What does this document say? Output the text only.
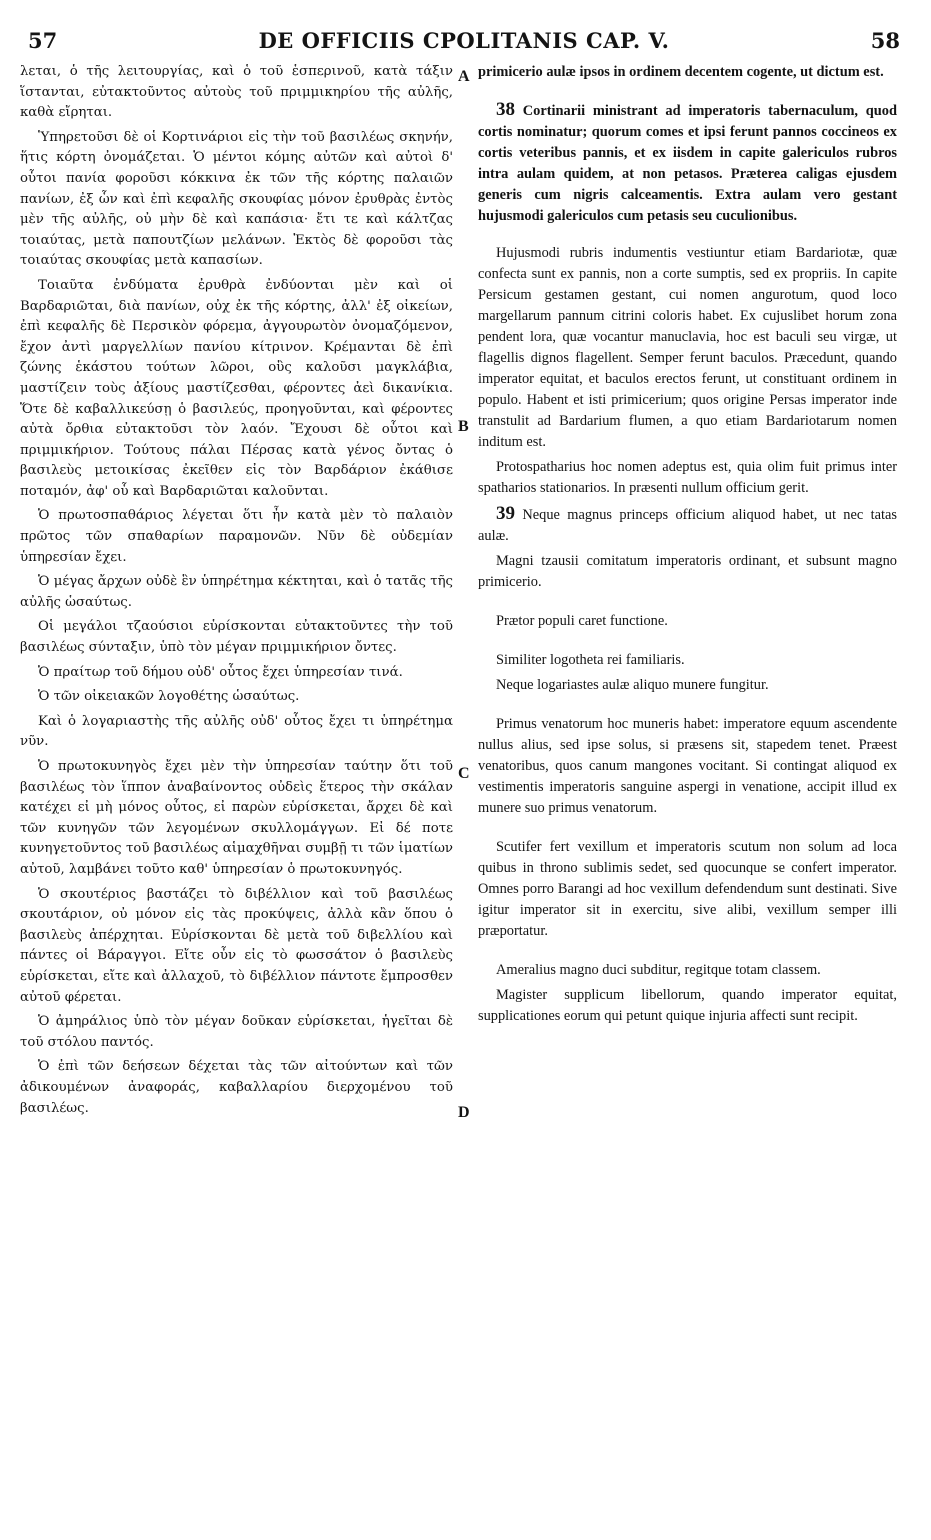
57	DE OFFICIIS CPOLITANIS CAP. V.	58

λεται, ὁ τῆς λειτουργίας, καὶ ὁ τοῦ ἑσπερινοῦ, κατὰ τάξιν ἵστανται, εὐτακτοῦντος αὐτοὺς τοῦ πριμμικηρίου τῆς αὐλῆς, καθὰ εἴρηται.

Ὑπηρετοῦσι δὲ οἱ Κορτινάριοι εἰς τὴν τοῦ βασιλέως σκηνήν, ἥτις κόρτη ὀνομάζεται. Ὁ μέντοι κόμης αὐτῶν καὶ αὐτοὶ δ' οὗτοι πανία φοροῦσι κόκκινα ἐκ τῶν τῆς κόρτης παλαιῶν πανίων, ἐξ ὧν καὶ ἐπὶ κεφαλῆς σκουφίας μόνον ἐρυθρὰς ἐντὸς μὲν τῆς αὐλῆς, οὐ μὴν δὲ καὶ καπάσια· ἔτι τε καὶ κάλτζας τοιαύτας, μετὰ παπουτζίων μελάνων. Ἐκτὸς δὲ φοροῦσι τὰς τοιαύτας σκουφίας μετὰ καπασίων.

Τοιαῦτα ἐνδύματα ἐρυθρὰ ἐνδύονται μὲν καὶ οἱ Βαρδαριῶται, διὰ πανίων, οὐχ ἐκ τῆς κόρτης, ἀλλ' ἐξ οἰκείων, ἐπὶ κεφαλῆς δὲ Περσικὸν φόρεμα, ἀγγουρωτὸν ὀνομαζόμενον, ἔχον ἀντὶ μαργελλίων πανίου κίτρινον. Κρέμανται δὲ ἐπὶ ζώνης ἑκάστου τούτων λῶροι, οὓς καλοῦσι μαγκλάβια, μαστίζειν τοὺς ἀξίους μαστίζεσθαι, φέροντες ἀεὶ δικανίκια. Ὅτε δὲ καβαλλικεύσῃ ὁ βασιλεύς, προηγοῦνται, καὶ φέροντες αὐτὰ ὄρθια εὐτακτοῦσι τὸν λαόν. Ἔχουσι δὲ οὗτοι καὶ πριμμικήριον. Τούτους πάλαι Πέρσας κατὰ γένος ὄντας ὁ βασιλεὺς μετοικίσας ἐκεῖθεν εἰς τὸν Βαρδάριον ἐκάθισε ποταμόν, ἀφ' οὗ καὶ Βαρδαριῶται καλοῦνται.

Ὁ πρωτοσπαθάριος λέγεται ὅτι ἦν κατὰ μὲν τὸ παλαιὸν πρῶτος τῶν σπαθαρίων παραμονῶν. Νῦν δὲ οὐδεμίαν ὑπηρεσίαν ἔχει.

Ὁ μέγας ἄρχων οὐδὲ ἓν ὑπηρέτημα κέκτηται, καὶ ὁ τατᾶς τῆς αὐλῆς ὡσαύτως.

Οἱ μεγάλοι τζαούσιοι εὑρίσκονται εὐτακτοῦντες τὴν τοῦ βασιλέως σύνταξιν, ὑπὸ τὸν μέγαν πριμμικήριον ὄντες.

Ὁ πραίτωρ τοῦ δήμου οὐδ' οὗτος ἔχει ὑπηρεσίαν τινά.

Ὁ τῶν οἰκειακῶν λογοθέτης ὡσαύτως.

Καὶ ὁ λογαριαστὴς τῆς αὐλῆς οὐδ' οὗτος ἔχει τι ὑπηρέτημα νῦν.

Ὁ πρωτοκυνηγὸς ἔχει μὲν τὴν ὑπηρεσίαν ταύτην ὅτι τοῦ βασιλέως τὸν ἵππον ἀναβαίνοντος οὐδεὶς ἕτερος τὴν σκάλαν κατέχει εἰ μὴ μόνος οὗτος, εἰ παρὼν εὑρίσκεται, ἄρχει δὲ καὶ τῶν κυνηγῶν τῶν λεγομένων σκυλλομάγγων. Εἰ δέ ποτε κυνηγετοῦντος τοῦ βασιλέως αἱμαχθῆναι συμβῇ τι τῶν ἱματίων αὐτοῦ, λαμβάνει τοῦτο καθ' ὑπηρεσίαν ὁ πρωτοκυνηγός.

Ὁ σκουτέριος βαστάζει τὸ διβέλλιον καὶ τοῦ βασιλέως σκουτάριον, οὐ μόνον εἰς τὰς προκύψεις, ἀλλὰ κἂν ὅπου ὁ βασιλεὺς ἀπέρχηται. Εὑρίσκονται δὲ μετὰ τοῦ διβελλίου καὶ πάντες οἱ Βάραγγοι. Εἴτε οὖν εἰς τὸ φωσσάτον ὁ βασιλεὺς εὑρίσκεται, εἴτε καὶ ἀλλαχοῦ, τὸ διβέλλιον πάντοτε ἔμπροσθεν αὐτοῦ φέρεται.

Ὁ ἀμηράλιος ὑπὸ τὸν μέγαν δοῦκαν εὑρίσκεται, ἡγεῖται δὲ τοῦ στόλου παντός.

Ὁ ἐπὶ τῶν δεήσεων δέχεται τὰς τῶν αἰτούντων καὶ τῶν ἀδικουμένων ἀναφοράς, καβαλλαρίου διερχομένου τοῦ βασιλέως.

A
B
C
D

primicerio aulæ ipsos in ordinem decentem cogente, ut dictum est.

38 Cortinarii ministrant ad imperatoris tabernaculum, quod cortis nominatur; quorum comes et ipsi ferunt pannos coccineos ex cortis veteribus pannis, et ex iisdem in capite galericulos rubros intra aulam quidem, at non petasos. Præterea caligas ejusdem generis cum nigris calceamentis. Extra aulam vero gestant hujusmodi galericulos cum petasis seu cuculionibus.

Hujusmodi rubris indumentis vestiuntur etiam Bardariotæ, quæ confecta sunt ex pannis, non a corte sumptis, sed ex propriis. In capite Persicum gestamen gestant, cui nomen angurotum, quod loco margellarum pannum citrini coloris habet. Ex cujuslibet horum zona pendent lora, quæ vocantur manuclavia, hoc est baculi seu virgæ, ut flagellis dignos flagellent. Semper ferunt baculos. Præcedunt, quando imperator equitat, et baculos erectos ferunt, ut constituant ordinem in populo. Habent et isti primicerium; quos origine Persas imperator inde transtulit ad Bardarium flumen, a quo etiam Bardariotarum nomen inditum est.

Protospatharius hoc nomen adeptus est, quia olim fuit primus inter spatharios stationarios. In præsenti nullum officium gerit.

39 Neque magnus princeps officium aliquod habet, ut nec tatas aulæ.

Magni tzausii comitatum imperatoris ordinant, et subsunt magno primicerio.

Prætor populi caret functione.

Similiter logotheta rei familiaris.

Neque logariastes aulæ aliquo munere fungitur.

Primus venatorum hoc muneris habet: imperatore equum ascendente nullus alius, sed ipse solus, si præsens sit, stapedem tenet. Præest venatoribus, quos canum mangones vocitant. Si contingat aliquod ex vestimentis imperatoris sanguine aspergi in venatione, accipit illud ex munere suo primus venatorum.

Scutifer fert vexillum et imperatoris scutum non solum ad loca quibus in throno sublimis sedet, sed quocunque se confert imperator. Omnes porro Barangi ad hoc vexillum defendendum sunt destinati. Sive igitur imperator sit in exercitu, sive alibi, vexillum semper illi præportatur.

Ameralius magno duci subditur, regitque totam classem.

Magister supplicum libellorum, quando imperator equitat, supplicationes eorum qui petunt quique injuria affecti sunt recipit.
